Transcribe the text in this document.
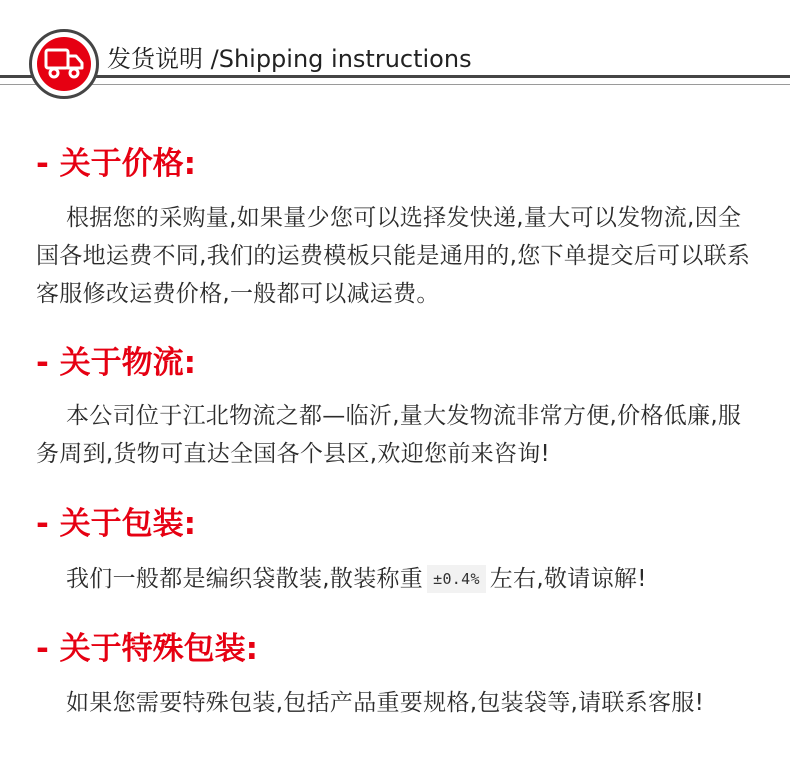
发货说明 /Shipping instructions
- 关于价格:
根据您的采购量,如果量少您可以选择发快递,量大可以发物流,因全国各地运费不同,我们的运费模板只能是通用的,您下单提交后可以联系客服修改运费价格,一般都可以减运费。
- 关于物流:
本公司位于江北物流之都—临沂,量大发物流非常方便,价格低廉,服务周到,货物可直达全国各个县区,欢迎您前来咨询!
- 关于包装:
我们一般都是编织袋散装,散装称重 ±0.4% 左右,敬请谅解!
- 关于特殊包装:
如果您需要特殊包装,包括产品重要规格,包装袋等,请联系客服!
